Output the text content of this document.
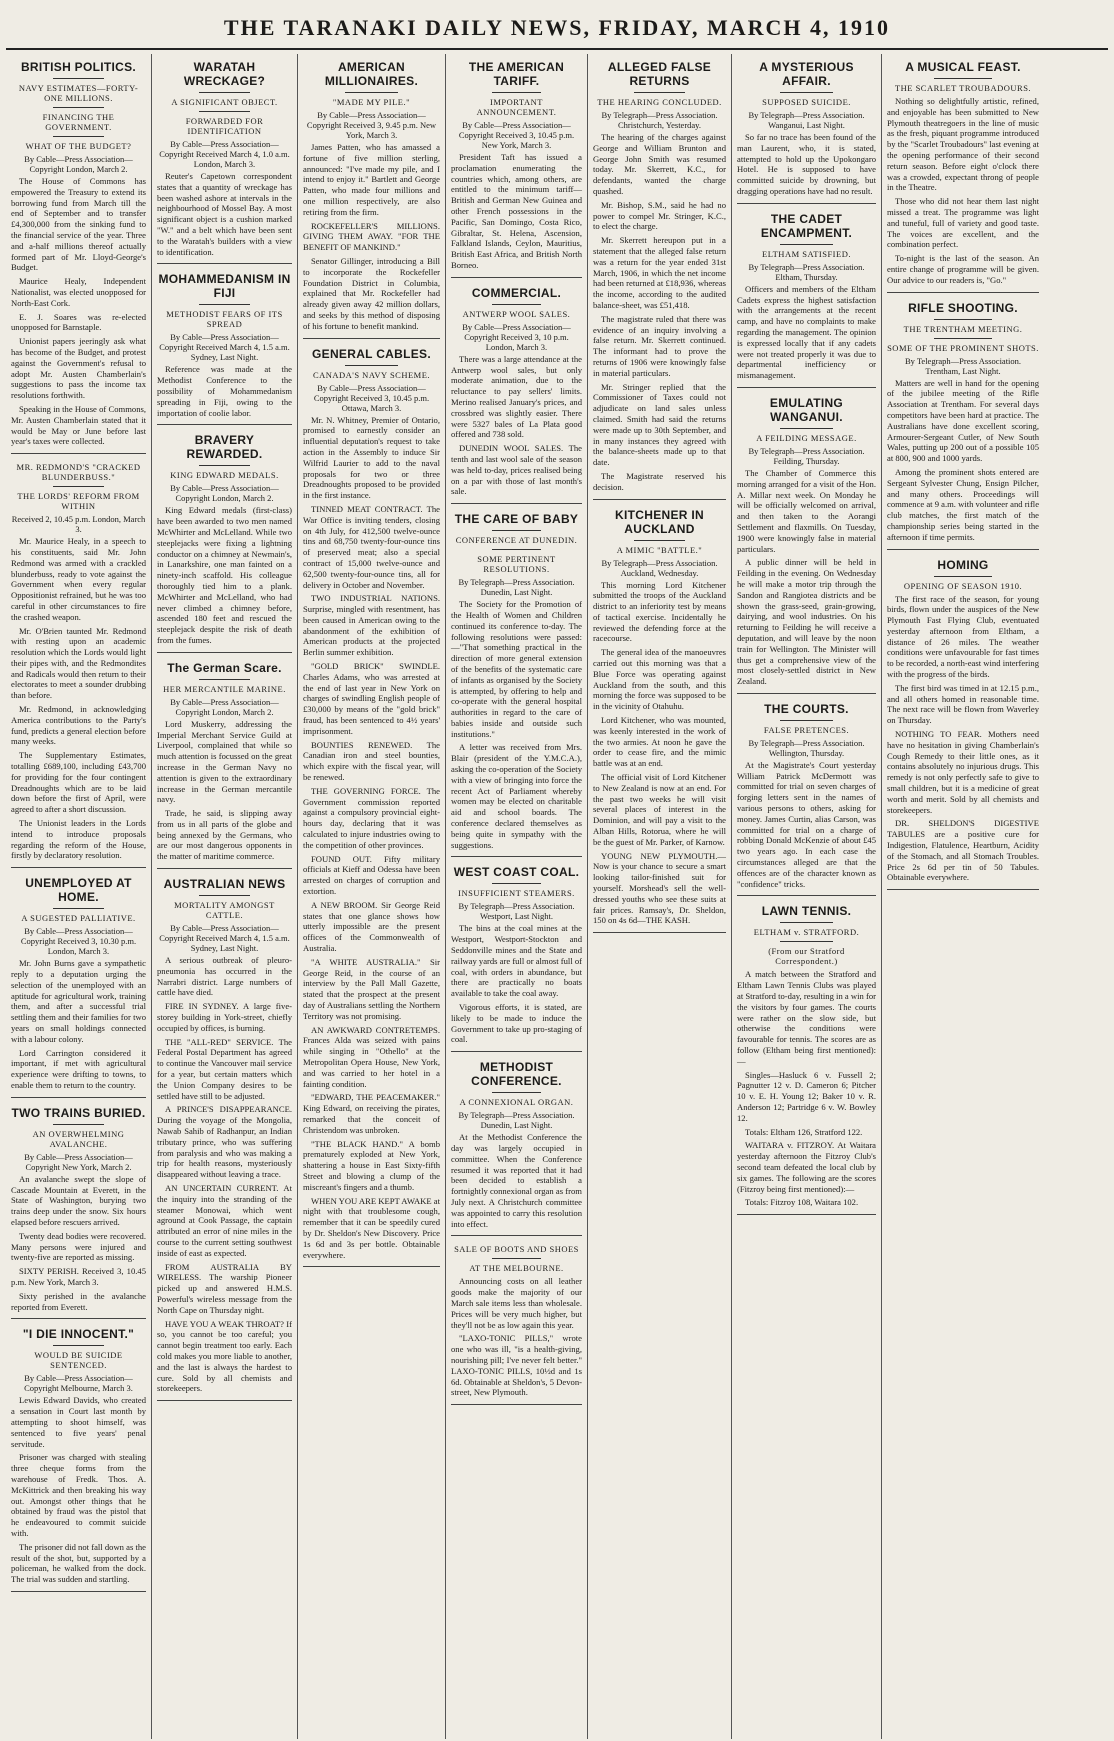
THE TARANAKI DAILY NEWS, FRIDAY, MARCH 4, 1910
BRITISH POLITICS.
NAVY ESTIMATES—FORTY-ONE MILLIONS.
FINANCING THE GOVERNMENT.
WHAT OF THE BUDGET?
By Cable—Press Association—Copyright London, March 2.

The House of Commons has empowered the Treasury to extend its borrowing fund from March till the end of September and to transfer £4,300,000 from the sinking fund to the financial service of the year. Three and a-half millions thereof actually formed part of Mr. Lloyd-George's Budget.

Maurice Healy, Independent Nationalist, was elected unopposed for North-East Cork.

E. J. Soares was re-elected unopposed for Barnstaple.

Unionist papers jeeringly ask what has become of the Budget, and protest against the Government's refusal to adopt Mr. Austen Chamberlain's suggestions to pass the income tax resolutions forthwith.

Speaking in the House of Commons, Mr. Austen Chamberlain stated that it would be May or June before last year's taxes were collected.

MR. REDMOND'S "CRACKED BLUNDERBUSS."
THE LORDS' REFORM FROM WITHIN
Received 2, 10.45 p.m. London, March 3.

Mr. Maurice Healy, in a speech to his constituents, said Mr. John Redmond was armed with a crackled blunderbuss, ready to vote against the Government when every regular Oppositionist refrained, but he was too careful in other circumstances to fire the crashed weapon.

Mr. O'Brien taunted Mr. Redmond with resting upon an academic resolution which the Lords would light their pipes with, and the Redmondites and Radicals would then return to their electorates to meet a sounder drubbing than before.

Mr. Redmond, in acknowledging America contributions to the Party's fund, predicts a general election before many weeks.

The Supplementary Estimates, totalling £689,100, including £43,700 for providing for the four contingent Dreadnoughts which are to be laid down before the first of April, were agreed to after a short discussion.

The Unionist leaders in the Lords intend to introduce proposals regarding the reform of the House, firstly by declaratory resolution.

UNEMPLOYED AT HOME.
A SUGESTED PALLIATIVE.
By Cable—Press Association—Copyright Received 3, 10.30 p.m. London, March 3.

Mr. John Burns gave a sympathetic reply to a deputation urging the selection of the unemployed with an aptitude for agricultural work, training them, and after a successful trial settling them and their families for two years on small holdings connected with a labour colony.

Lord Carrington considered it important, if met with agricultural experience were drifting to towns, to enable them to return to the country.

TWO TRAINS BURIED.
AN OVERWHELMING AVALANCHE.
By Cable—Press Association—Copyright New York, March 2.

An avalanche swept the slope of Cascade Mountain at Everett, in the State of Washington, burying two trains deep under the snow. Six hours elapsed before rescuers arrived.

Twenty dead bodies were recovered. Many persons were injured and twenty-five are reported as missing.

SIXTY PERISH. Received 3, 10.45 p.m. New York, March 3.

Sixty perished in the avalanche reported from Everett.

"I DIE INNOCENT."
WOULD BE SUICIDE SENTENCED.
By Cable—Press Association—Copyright Melbourne, March 3.

Lewis Edward Davids, who created a sensation in Court last month by attempting to shoot himself, was sentenced to five years' penal servitude.

Prisoner was charged with stealing three cheque forms from the warehouse of Fredk. Thos. A. McKittrick and then breaking his way out. Amongst other things that he obtained by fraud was the pistol that he endeavoured to commit suicide with.

The prisoner did not fall down as the result of the shot, but, supported by a policeman, he walked from the dock. The trial was sudden and startling.

WARATAH WRECKAGE?
A SIGNIFICANT OBJECT.
FORWARDED FOR IDENTIFICATION
By Cable—Press Association—Copyright Received March 4, 1.0 a.m. London, March 3.

Reuter's Capetown correspondent states that a quantity of wreckage has been washed ashore at intervals in the neighbourhood of Mossel Bay. A most significant object is a cushion marked "W." and a belt which have been sent to the Waratah's builders with a view to identification.

MOHAMMEDANISM IN FIJI
METHODIST FEARS OF ITS SPREAD
By Cable—Press Association—Copyright Received March 4, 1.5 a.m. Sydney, Last Night.

Reference was made at the Methodist Conference to the possibility of Mohammedanism spreading in Fiji, owing to the importation of coolie labor.

BRAVERY REWARDED.
KING EDWARD MEDALS.
By Cable—Press Association—Copyright London, March 2.

King Edward medals (first-class) have been awarded to two men named McWhirter and McLelland. While two steeplejacks were fixing a lightning conductor on a chimney at Newmain's, in Lanarkshire, one man fainted on a ninety-inch scaffold. His colleague thoroughly tied him to a plank. McWhirter and McLelland, who had never climbed a chimney before, ascended 180 feet and rescued the steeplejack despite the risk of death from the fumes.

The German Scare.
HER MERCANTILE MARINE.
By Cable—Press Association—Copyright London, March 2.

Lord Muskerry, addressing the Imperial Merchant Service Guild at Liverpool, complained that while so much attention is focussed on the great increase in the German Navy no attention is given to the extraordinary increase in the German mercantile navy.

Trade, he said, is slipping away from us in all parts of the globe and being annexed by the Germans, who are our most dangerous opponents in the matter of maritime commerce.

AUSTRALIAN NEWS
MORTALITY AMONGST CATTLE.
By Cable—Press Association—Copyright Received March 4, 1.5 a.m. Sydney, Last Night.

A serious outbreak of pleuro-pneumonia has occurred in the Narrabri district. Large numbers of cattle have died.

FIRE IN SYDNEY. A large five-storey building in York-street, chiefly occupied by offices, is burning.

THE "ALL-RED" SERVICE. The Federal Postal Department has agreed to continue the Vancouver mail service for a year, but certain matters which the Union Company desires to be settled have still to be adjusted.

A PRINCE'S DISAPPEARANCE. During the voyage of the Mongolia, Nawab Sahib of Radhanpur, an Indian tributary prince, who was suffering from paralysis and who was making a trip for health reasons, mysteriously disappeared without leaving a trace.

AN UNCERTAIN CURRENT. At the inquiry into the stranding of the steamer Monowai, which went aground at Cook Passage, the captain attributed an error of nine miles in the course to the current setting southwest inside of east as expected.

FROM AUSTRALIA BY WIRELESS. The warship Pioneer picked up and answered H.M.S. Powerful's wireless message from the North Cape on Thursday night.

HAVE YOU A WEAK THROAT? If so, you cannot be too careful; you cannot begin treatment too early. Each cold makes you more liable to another, and the last is always the hardest to cure. Sold by all chemists and storekeepers.

AMERICAN MILLIONAIRES.
"MADE MY PILE."
By Cable—Press Association—Copyright Received 3, 9.45 p.m. New York, March 3.

James Patten, who has amassed a fortune of five million sterling, announced: "I've made my pile, and I intend to enjoy it." Bartlett and George Patten, who made four millions and one million respectively, are also retiring from the firm.

ROCKEFELLER'S MILLIONS. GIVING THEM AWAY. "FOR THE BENEFIT OF MANKIND."

Senator Gillinger, introducing a Bill to incorporate the Rockefeller Foundation District in Columbia, explained that Mr. Rockefeller had already given away 42 million dollars, and seeks by this method of disposing of his fortune to benefit mankind.

GENERAL CABLES.
CANADA'S NAVY SCHEME.
By Cable—Press Association—Copyright Received 3, 10.45 p.m. Ottawa, March 3.

Mr. N. Whitney, Premier of Ontario, promised to earnestly consider an influential deputation's request to take action in the Assembly to induce Sir Wilfrid Laurier to add to the naval proposals for two or three Dreadnoughts proposed to be provided in the first instance.

TINNED MEAT CONTRACT. The War Office is inviting tenders, closing on 4th July, for 412,500 twelve-ounce tins and 68,750 twenty-four-ounce tins of preserved meat; also a special contract of 15,000 twelve-ounce and 62,500 twenty-four-ounce tins, all for delivery in October and November.

TWO INDUSTRIAL NATIONS. Surprise, mingled with resentment, has been caused in American owing to the abandonment of the exhibition of American products at the projected Berlin summer exhibition.

"GOLD BRICK" SWINDLE. Charles Adams, who was arrested at the end of last year in New York on charges of swindling English people of £30,000 by means of the "gold brick" fraud, has been sentenced to 4½ years' imprisonment.

BOUNTIES RENEWED. The Canadian iron and steel bounties, which expire with the fiscal year, will be renewed.

THE GOVERNING FORCE. The Government commission reported against a compulsory provincial eight-hours day, declaring that it was calculated to injure industries owing to the competition of other provinces.

FOUND OUT. Fifty military officials at Kieff and Odessa have been arrested on charges of corruption and extortion.

A NEW BROOM. Sir George Reid states that one glance shows how utterly impossible are the present offices of the Commonwealth of Australia.

"A WHITE AUSTRALIA." Sir George Reid, in the course of an interview by the Pall Mall Gazette, stated that the prospect at the present day of Australians settling the Northern Territory was not promising.

AN AWKWARD CONTRETEMPS. Frances Alda was seized with pains while singing in "Othello" at the Metropolitan Opera House, New York, and was carried to her hotel in a fainting condition.

"EDWARD, THE PEACEMAKER." King Edward, on receiving the pirates, remarked that the conceit of Christendom was unbroken.

"THE BLACK HAND." A bomb prematurely exploded at New York, shattering a house in East Sixty-fifth Street and blowing a clump of the miscreant's fingers and a thumb.

WHEN YOU ARE KEPT AWAKE at night with that troublesome cough, remember that it can be speedily cured by Dr. Sheldon's New Discovery. Price 1s 6d and 3s per bottle. Obtainable everywhere.

THE AMERICAN TARIFF.
IMPORTANT ANNOUNCEMENT.
By Cable—Press Association—Copyright Received 3, 10.45 p.m. New York, March 3.

President Taft has issued a proclamation enumerating the countries which, among others, are entitled to the minimum tariff—British and German New Guinea and other French possessions in the Pacific, San Domingo, Costa Rico, Gibraltar, St. Helena, Ascension, Falkland Islands, Ceylon, Mauritius, British East Africa, and British North Borneo.

COMMERCIAL.
ANTWERP WOOL SALES.
By Cable—Press Association—Copyright Received 3, 10 p.m. London, March 3.

There was a large attendance at the Antwerp wool sales, but only moderate animation, due to the reluctance to pay sellers' limits. Merino realised January's prices, and crossbred was slightly easier. There were 5327 bales of La Plata good offered and 738 sold.

DUNEDIN WOOL SALES. The tenth and last wool sale of the season was held to-day, prices realised being on a par with those of last month's sale.

THE CARE OF BABY
CONFERENCE AT DUNEDIN.
SOME PERTINENT RESOLUTIONS.
By Telegraph—Press Association. Dunedin, Last Night.

The Society for the Promotion of the Health of Women and Children continued its conference to-day. The following resolutions were passed:—"That something practical in the direction of more general extension of the benefits of the systematic care of infants as organised by the Society is attempted, by offering to help and co-operate with the general hospital authorities in regard to the care of babies inside and outside such institutions."

A letter was received from Mrs. Blair (president of the Y.M.C.A.), asking the co-operation of the Society with a view of bringing into force the recent Act of Parliament whereby women may be elected on charitable aid and school boards. The conference declared themselves as being quite in sympathy with the suggestions.

WEST COAST COAL.
INSUFFICIENT STEAMERS.
By Telegraph—Press Association. Westport, Last Night.

The bins at the coal mines at the Westport, Westport-Stockton and Seddonville mines and the State and railway yards are full or almost full of coal, with orders in abundance, but there are practically no boats available to take the coal away.

Vigorous efforts, it is stated, are likely to be made to induce the Government to take up pro-staging of coal.

METHODIST CONFERENCE.
A CONNEXIONAL ORGAN.
By Telegraph—Press Association. Dunedin, Last Night.

At the Methodist Conference the day was largely occupied in committee. When the Conference resumed it was reported that it had been decided to establish a fortnightly connexional organ as from July next. A Christchurch committee was appointed to carry this resolution into effect.

SALE OF BOOTS AND SHOES
AT THE MELBOURNE.

Announcing costs on all leather goods make the majority of our March sale items less than wholesale. Prices will be very much higher, but they'll not be as low again this year.

"LAXO-TONIC PILLS," wrote one who was ill, "is a health-giving, nourishing pill; I've never felt better." LAXO-TONIC PILLS, 10½d and 1s 6d. Obtainable at Sheldon's, 5 Devon-street, New Plymouth.

ALLEGED FALSE RETURNS
THE HEARING CONCLUDED.
By Telegraph—Press Association. Christchurch, Yesterday.

The hearing of the charges against George and William Brunton and George John Smith was resumed today. Mr. Skerrett, K.C., for defendants, wanted the charge quashed.

Mr. Bishop, S.M., said he had no power to compel Mr. Stringer, K.C., to elect the charge.

Mr. Skerrett hereupon put in a statement that the alleged false return was a return for the year ended 31st March, 1906, in which the net income had been returned at £18,936, whereas the income, according to the audited balance-sheet, was £51,418.

The magistrate ruled that there was evidence of an inquiry involving a false return. Mr. Skerrett continued. The informant had to prove the returns of 1906 were knowingly false in material particulars.

Mr. Stringer replied that the Commissioner of Taxes could not adjudicate on land sales unless claimed. Smith had said the returns were made up to 30th September, and in many instances they agreed with the balance-sheets made up to that date.

The Magistrate reserved his decision.

KITCHENER IN AUCKLAND
A MIMIC "BATTLE."
By Telegraph—Press Association. Auckland, Wednesday.

This morning Lord Kitchener submitted the troops of the Auckland district to an inferiority test by means of tactical exercise. Incidentally he reviewed the defending force at the racecourse.

The general idea of the manoeuvres carried out this morning was that a Blue Force was operating against Auckland from the south, and this morning the force was supposed to be in the vicinity of Otahuhu.

Lord Kitchener, who was mounted, was keenly interested in the work of the two armies. At noon he gave the order to cease fire, and the mimic battle was at an end.

The official visit of Lord Kitchener to New Zealand is now at an end. For the past two weeks he will visit several places of interest in the Dominion, and will pay a visit to the Alban Hills, Rotorua, where he will be the guest of Mr. Parker, of Karnow.

YOUNG NEW PLYMOUTH.—Now is your chance to secure a smart looking tailor-finished suit for yourself. Morshead's sell the well-dressed youths who see these suits at fair prices. Ramsay's, Dr. Sheldon, 150 on 4s 6d—THE KASH.

A MYSTERIOUS AFFAIR.
SUPPOSED SUICIDE.
By Telegraph—Press Association. Wanganui, Last Night.

So far no trace has been found of the man Laurent, who, it is stated, attempted to hold up the Upokongaro Hotel. He is supposed to have committed suicide by drowning, but dragging operations have had no result.

THE CADET ENCAMPMENT.
ELTHAM SATISFIED.
By Telegraph—Press Association. Eltham, Thursday.

Officers and members of the Eltham Cadets express the highest satisfaction with the arrangements at the recent camp, and have no complaints to make regarding the management. The opinion is expressed locally that if any cadets were not treated properly it was due to departmental inefficiency or mismanagement.

EMULATING WANGANUI.
A FEILDING MESSAGE.
By Telegraph—Press Association. Feilding, Thursday.

The Chamber of Commerce this morning arranged for a visit of the Hon. A. Millar next week. On Monday he will be officially welcomed on arrival, and then taken to the Aorangi Settlement and flaxmills. On Tuesday, 1900 were knowingly false in material particulars.

A public dinner will be held in Feilding in the evening. On Wednesday he will make a motor trip through the Sandon and Rangiotea districts and be shown the grass-seed, grain-growing, dairying, and wool industries. On his returning to Feilding he will receive a deputation, and will leave by the noon train for Wellington. The Minister will thus get a comprehensive view of the most closely-settled district in New Zealand.

THE COURTS.
FALSE PRETENCES.
By Telegraph—Press Association. Wellington, Thursday.

At the Magistrate's Court yesterday William Patrick McDermott was committed for trial on seven charges of forging letters sent in the names of various persons to others, asking for money. James Curtin, alias Carson, was committed for trial on a charge of robbing Donald McKenzie of about £45 two years ago. In each case the circumstances alleged are that the offences are of the character known as "confidence" tricks.

LAWN TENNIS.
ELTHAM v. STRATFORD.
(From our Stratford Correspondent.)

A match between the Stratford and Eltham Lawn Tennis Clubs was played at Stratford to-day, resulting in a win for the visitors by four games. The courts were rather on the slow side, but otherwise the conditions were favourable for tennis. The scores are as follow (Eltham being first mentioned):—

Singles—Hasluck 6 v. Fussell 2; Pagnutter 12 v. D. Cameron 6; Pitcher 10 v. E. H. Young 12; Baker 10 v. R. Anderson 12; Partridge 6 v. W. Bowley 12.

Totals: Eltham 126, Stratford 122.

WAITARA v. FITZROY. At Waitara yesterday afternoon the Fitzroy Club's second team defeated the local club by six games. The following are the scores (Fitzroy being first mentioned):—

Totals: Fitzroy 108, Waitara 102.

A MUSICAL FEAST.
THE SCARLET TROUBADOURS.

Nothing so delightfully artistic, refined, and enjoyable has been submitted to New Plymouth theatregoers in the line of music as the fresh, piquant programme introduced by the "Scarlet Troubadours" last evening at the opening performance of their second return season. Before eight o'clock there was a crowded, expectant throng of people in the Theatre.

Those who did not hear them last night missed a treat. The programme was light and tuneful, full of variety and good taste. The voices are excellent, and the combination perfect.

To-night is the last of the season. An entire change of programme will be given. Our advice to our readers is, "Go."

RIFLE SHOOTING.
THE TRENTHAM MEETING.
SOME OF THE PROMINENT SHOTS.
By Telegraph—Press Association. Trentham, Last Night.

Matters are well in hand for the opening of the jubilee meeting of the Rifle Association at Trentham. For several days competitors have been hard at practice. The Australians have done excellent scoring, Armourer-Sergeant Cutler, of New South Wales, putting up 200 out of a possible 105 at 800, 900 and 1000 yards.

Among the prominent shots entered are Sergeant Sylvester Chung, Ensign Pilcher, and many others. Proceedings will commence at 9 a.m. with volunteer and rifle club matches, the first match of the championship series being started in the afternoon if time permits.

HOMING
OPENING OF SEASON 1910.

The first race of the season, for young birds, flown under the auspices of the New Plymouth Fast Flying Club, eventuated yesterday afternoon from Eltham, a distance of 26 miles. The weather conditions were unfavourable for fast times to be recorded, a north-east wind interfering with the progress of the birds.

The first bird was timed in at 12.15 p.m., and all others homed in reasonable time. The next race will be flown from Waverley on Thursday.

NOTHING TO FEAR. Mothers need have no hesitation in giving Chamberlain's Cough Remedy to their little ones, as it contains absolutely no injurious drugs. This remedy is not only perfectly safe to give to small children, but it is a medicine of great worth and merit. Sold by all chemists and storekeepers.

DR. SHELDON'S DIGESTIVE TABULES are a positive cure for Indigestion, Flatulence, Heartburn, Acidity of the Stomach, and all Stomach Troubles. Price 2s 6d per tin of 50 Tabules. Obtainable everywhere.
